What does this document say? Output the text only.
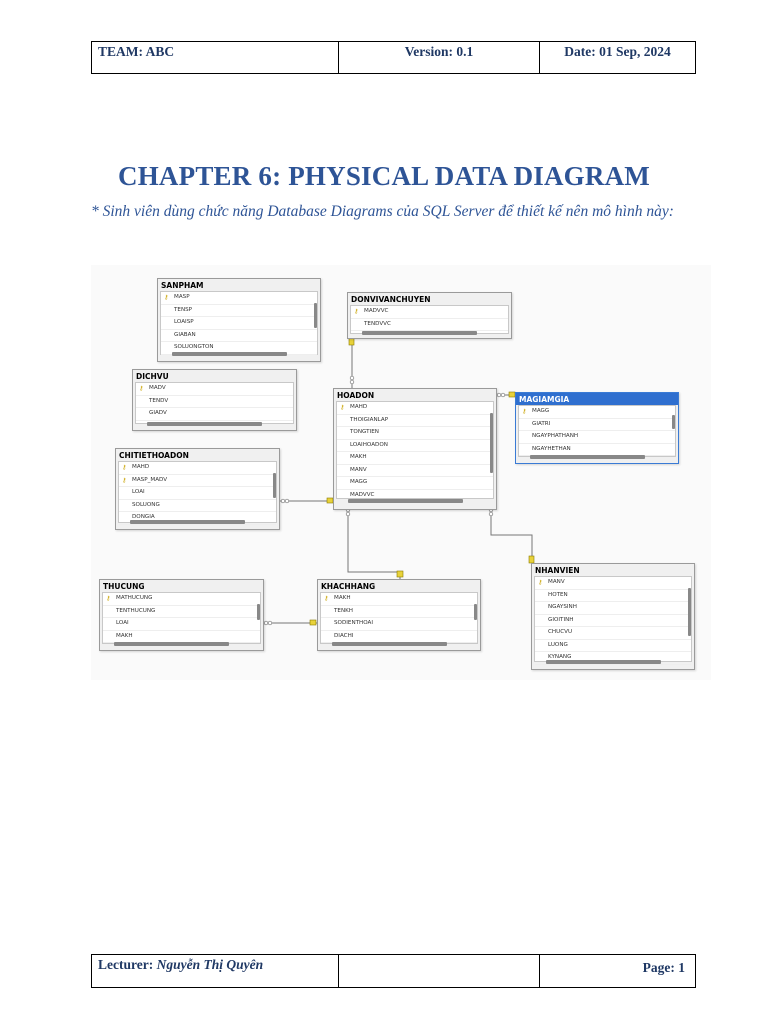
TEAM: ABC	Version: 0.1	Date: 01 Sep, 2024
CHAPTER 6: PHYSICAL DATA DIAGRAM

* Sinh viên dùng chức năng Database Diagrams của SQL Server để thiết kế nên mô hình này:

SANPHAM
⚷ MASP
TENSP
LOAISP
GIABAN
SOLUONGTON
DONVIVANCHUYEN
⚷ MADVVC
TENDVVC
DICHVU
⚷ MADV
TENDV
GIADV
HOADON
⚷ MAHD
THOIGIANLAP
TONGTIEN
LOAIHOADON
MAKH
MANV
MAGG
MADVVC
MAGIAMGIA
⚷ MAGG
GIATRI
NGAYPHATHANH
NGAYHETHAN
CHITIETHOADON
⚷ MAHD
⚷ MASP_MADV
LOAI
SOLUONG
DONGIA
THUCUNG
⚷ MATHUCUNG
TENTHUCUNG
LOAI
MAKH
KHACHHANG
⚷ MAKH
TENKH
SODIENTHOAI
DIACHI
NHANVIEN
⚷ MANV
HOTEN
NGAYSINH
GIOITINH
CHUCVU
LUONG
KYNANG
Lecturer: Nguyễn Thị Quyên	Page: 1
